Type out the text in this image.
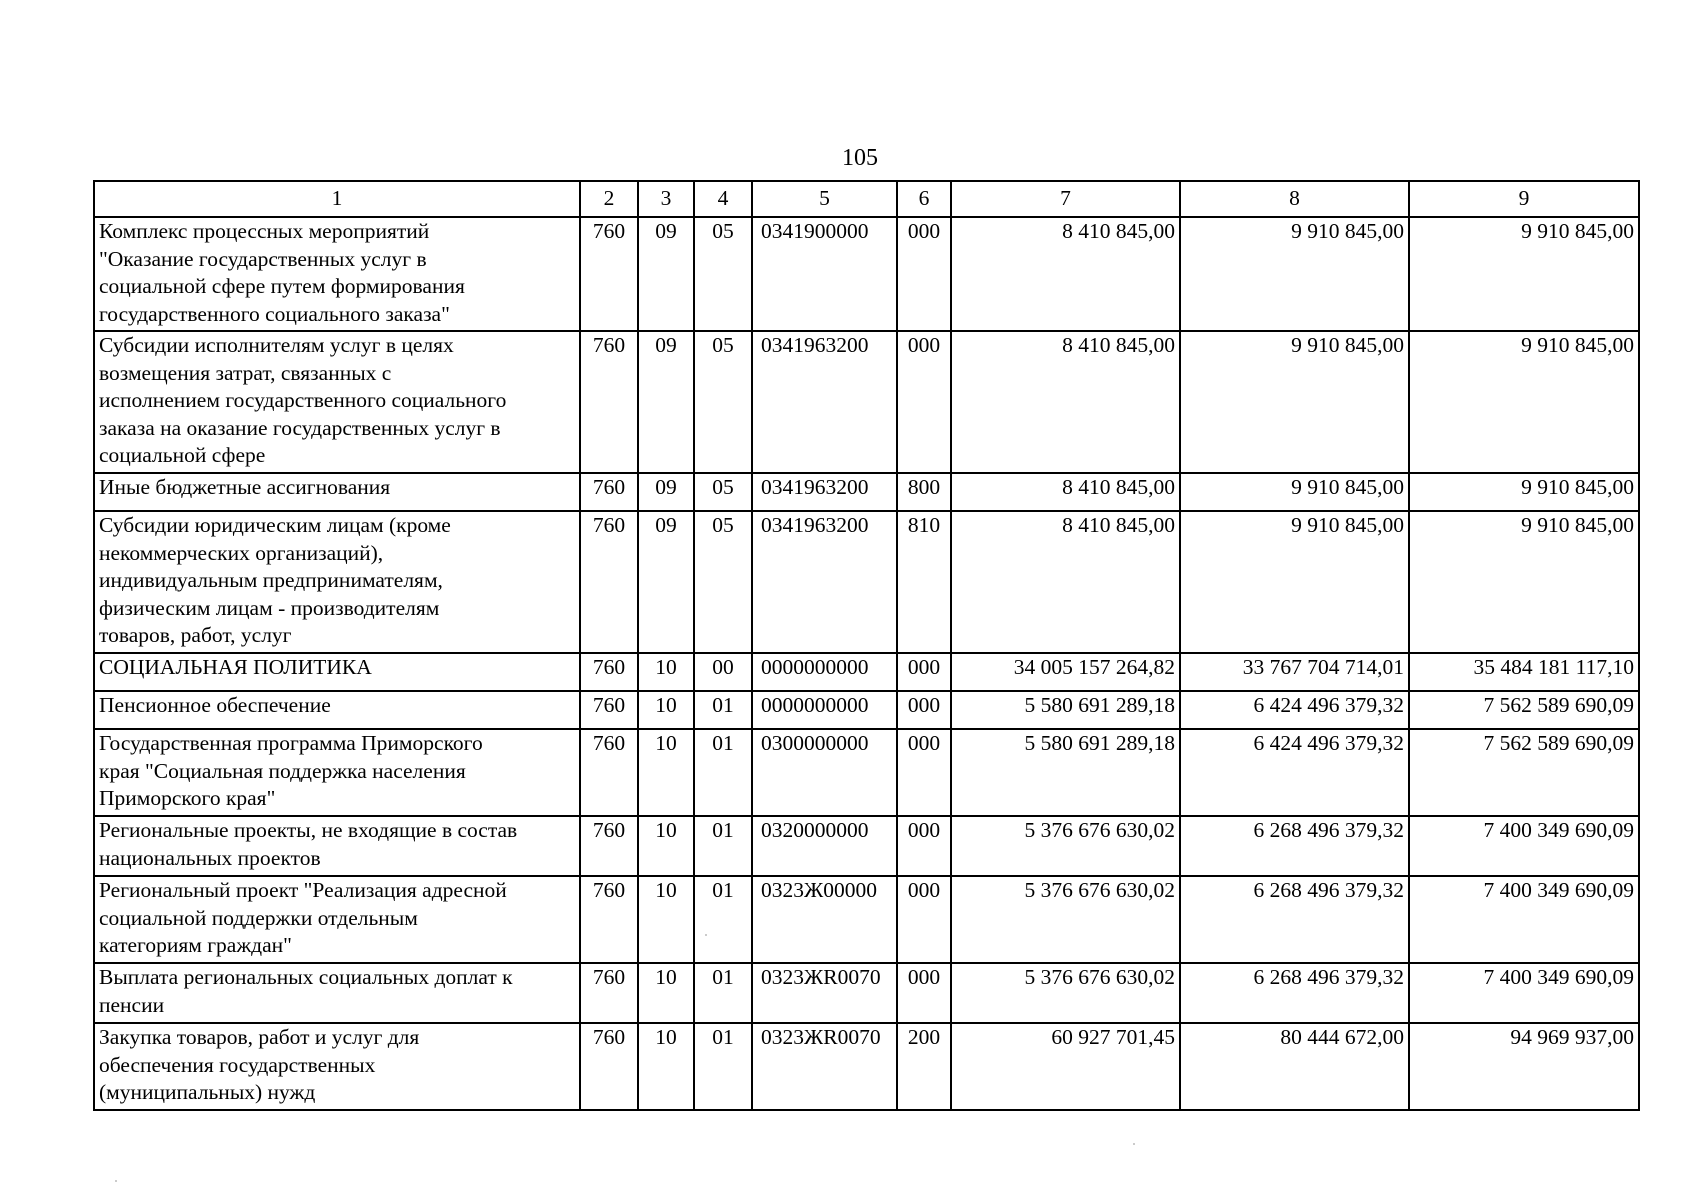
105
1	2	3	4	5	6	7	8	9

Комплекс процессных мероприятий
"Оказание государственных услуг в
социальной сфере путем формирования
государственного социального заказа"	760	09	05	0341900000	000	8 410 845,00	9 910 845,00	9 910 845,00

Субсидии исполнителям услуг в целях
возмещения затрат, связанных с
исполнением государственного социального
заказа на оказание государственных услуг в
социальной сфере	760	09	05	0341963200	000	8 410 845,00	9 910 845,00	9 910 845,00

Иные бюджетные ассигнования	760	09	05	0341963200	800	8 410 845,00	9 910 845,00	9 910 845,00

Субсидии юридическим лицам (кроме
некоммерческих организаций),
индивидуальным предпринимателям,
физическим лицам - производителям
товаров, работ, услуг	760	09	05	0341963200	810	8 410 845,00	9 910 845,00	9 910 845,00

СОЦИАЛЬНАЯ ПОЛИТИКА	760	10	00	0000000000	000	34 005 157 264,82	33 767 704 714,01	35 484 181 117,10

Пенсионное обеспечение	760	10	01	0000000000	000	5 580 691 289,18	6 424 496 379,32	7 562 589 690,09

Государственная программа Приморского
края "Социальная поддержка населения
Приморского края"	760	10	01	0300000000	000	5 580 691 289,18	6 424 496 379,32	7 562 589 690,09

Региональные проекты, не входящие в состав
национальных проектов	760	10	01	0320000000	000	5 376 676 630,02	6 268 496 379,32	7 400 349 690,09

Региональный проект "Реализация адресной
социальной поддержки отдельным
категориям граждан"	760	10	01	0323Ж00000	000	5 376 676 630,02	6 268 496 379,32	7 400 349 690,09

Выплата региональных социальных доплат к
пенсии	760	10	01	0323ЖR0070	000	5 376 676 630,02	6 268 496 379,32	7 400 349 690,09

Закупка товаров, работ и услуг для
обеспечения государственных
(муниципальных) нужд	760	10	01	0323ЖR0070	200	60 927 701,45	80 444 672,00	94 969 937,00
